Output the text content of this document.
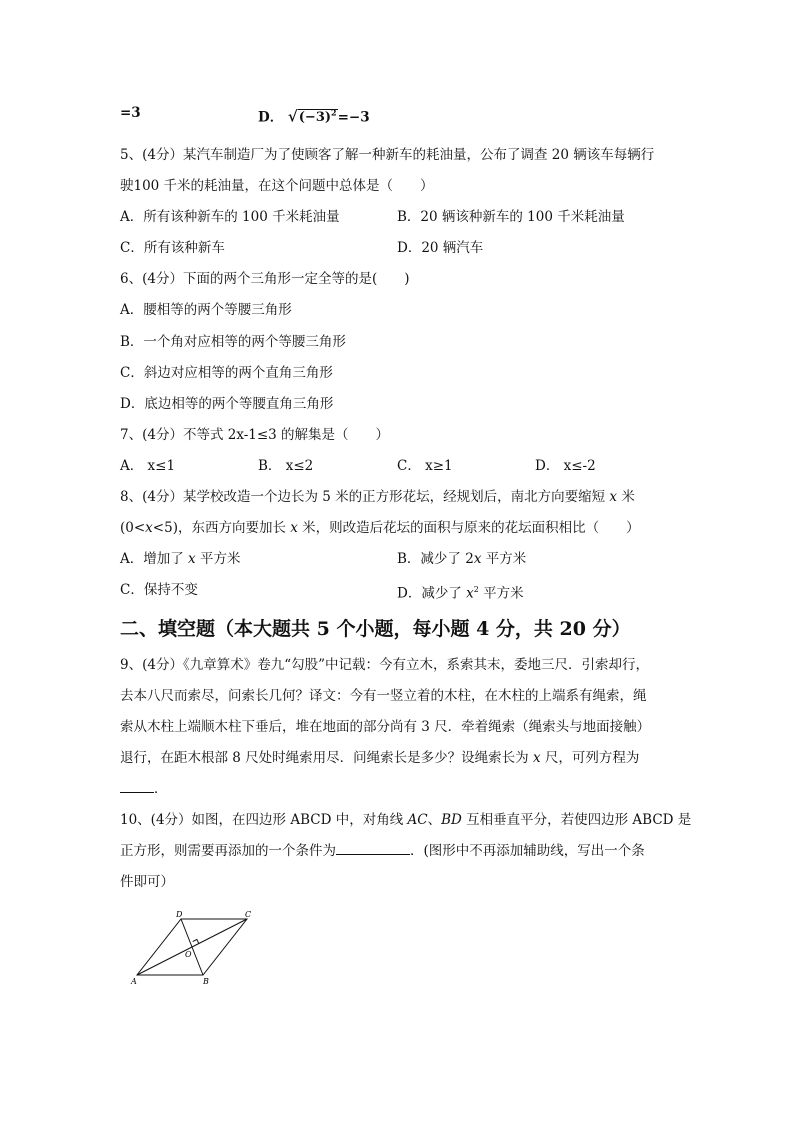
=3	D． $√(-3)^2=-3$
5、(4分）某汽车制造厂为了使顾客了解一种新车的耗油量，公布了调查 20 辆该车每辆行
驶100 千米的耗油量，在这个问题中总体是（　　）
A．所有该种新车的 100 千米耗油量	B．20 辆该种新车的 100 千米耗油量
C．所有该种新车	D．20 辆汽车
6、(4分）下面的两个三角形一定全等的是(　　)
A．腰相等的两个等腰三角形
B．一个角对应相等的两个等腰三角形
C．斜边对应相等的两个直角三角形
D．底边相等的两个等腰直角三角形
7、(4分）不等式 2x-1≤3 的解集是（　　）
A． x≤1	B． x≤2	C． x≥1	D． x≤-2
8、(4分）某学校改造一个边长为 5 米的正方形花坛，经规划后，南北方向要缩短 x 米
(0<x<5)，东西方向要加长 x 米，则改造后花坛的面积与原来的花坛面积相比（　　）
A．增加了 x 平方米	B．减少了 2x 平方米
C．保持不变	D．减少了 $x^2$ 平方米
二、填空题（本大题共 5 个小题，每小题 4 分，共 20 分）
9、(4分）《九章算术》卷九“勾股”中记载：今有立木，系索其末，委地三尺．引索却行，
去本八尺而索尽，问索长几何？译文：今有一竖立着的木柱，在木柱的上端系有绳索，绳
索从木柱上端顺木柱下垂后，堆在地面的部分尚有 3 尺．牵着绳索（绳索头与地面接触）
退行，在距木根部 8 尺处时绳索用尽．问绳索长是多少？设绳索长为 x 尺，可列方程为
．
10、(4分）如图，在四边形 ABCD 中，对角线 AC、BD 互相垂直平分，若使四边形 ABCD 是
正方形，则需要再添加的一个条件为	．(图形中不再添加辅助线，写出一个条
件即可）
A	B
C
D
O
